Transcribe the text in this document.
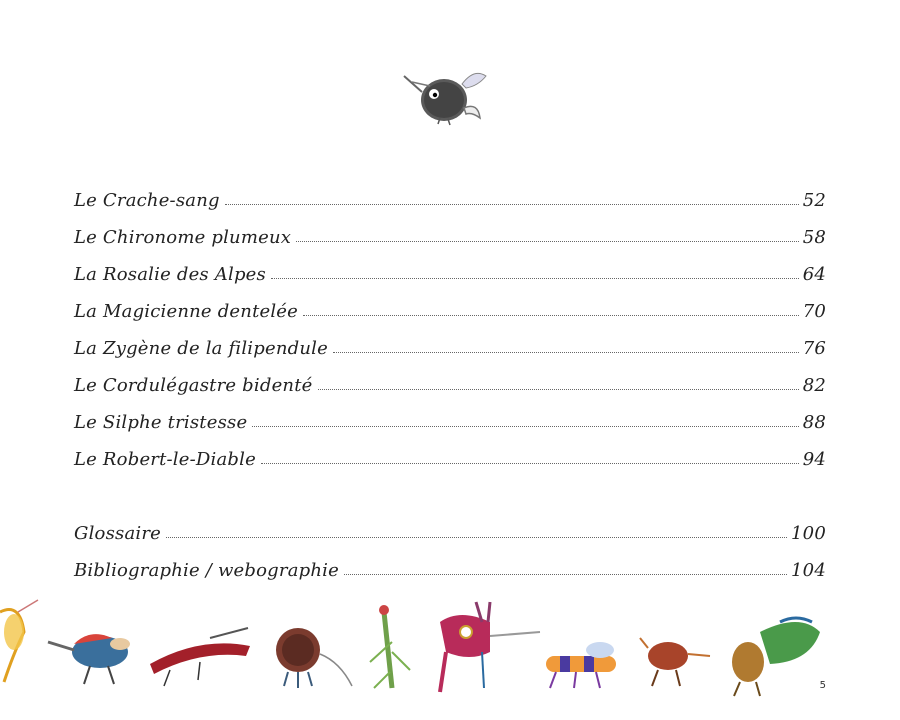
Le Crache-sang	52
Le Chironome plumeux	58
La Rosalie des Alpes	64
La Magicienne dentelée	70
La Zygène de la filipendule	76
Le Cordulégastre bidenté	82
Le Silphe tristesse	88
Le Robert-le-Diable	94
Glossaire	100
Bibliographie / webographie	104
5
